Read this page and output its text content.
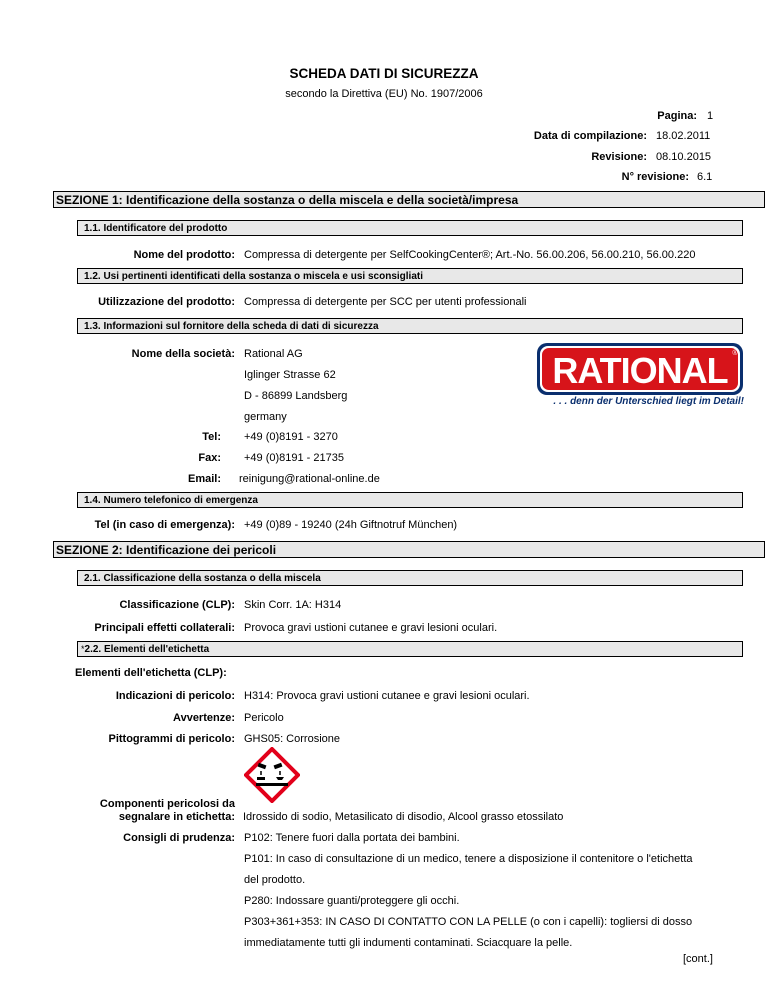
SCHEDA DATI DI SICUREZZA
secondo la Direttiva (EU) No. 1907/2006
Pagina: 1
Data di compilazione: 18.02.2011
Revisione: 08.10.2015
N° revisione: 6.1
SEZIONE 1: Identificazione della sostanza o della miscela e della società/impresa
1.1. Identificatore del prodotto
Nome del prodotto: Compressa di detergente per SelfCookingCenter®; Art.-No. 56.00.206, 56.00.210, 56.00.220
1.2. Usi pertinenti identificati della sostanza o miscela e usi sconsigliati
Utilizzazione del prodotto: Compressa di detergente per SCC per utenti professionali
1.3. Informazioni sul fornitore della scheda di dati di sicurezza
Nome della società: Rational AG
Iglinger Strasse 62
D - 86899 Landsberg
germany
Tel: +49 (0)8191 - 3270
Fax: +49 (0)8191 - 21735
Email: reinigung@rational-online.de
RATIONAL ®
. . . denn der Unterschied liegt im Detail!
1.4. Numero telefonico di emergenza
Tel (in caso di emergenza): +49 (0)89 - 19240 (24h Giftnotruf München)
SEZIONE 2: Identificazione dei pericoli
2.1. Classificazione della sostanza o della miscela
Classificazione (CLP): Skin Corr. 1A: H314
Principali effetti collaterali: Provoca gravi ustioni cutanee e gravi lesioni oculari.
*2.2. Elementi dell'etichetta
Elementi dell'etichetta (CLP):
Indicazioni di pericolo: H314: Provoca gravi ustioni cutanee e gravi lesioni oculari.
Avvertenze: Pericolo
Pittogrammi di pericolo: GHS05: Corrosione
Componenti pericolosi da
segnalare in etichetta: Idrossido di sodio, Metasilicato di disodio, Alcool grasso etossilato
Consigli di prudenza: P102: Tenere fuori dalla portata dei bambini.
P101: In caso di consultazione di un medico, tenere a disposizione il contenitore o l'etichetta
del prodotto.
P280: Indossare guanti/proteggere gli occhi.
P303+361+353: IN CASO DI CONTATTO CON LA PELLE (o con i capelli): togliersi di dosso
immediatamente tutti gli indumenti contaminati. Sciacquare la pelle.
[cont.]
